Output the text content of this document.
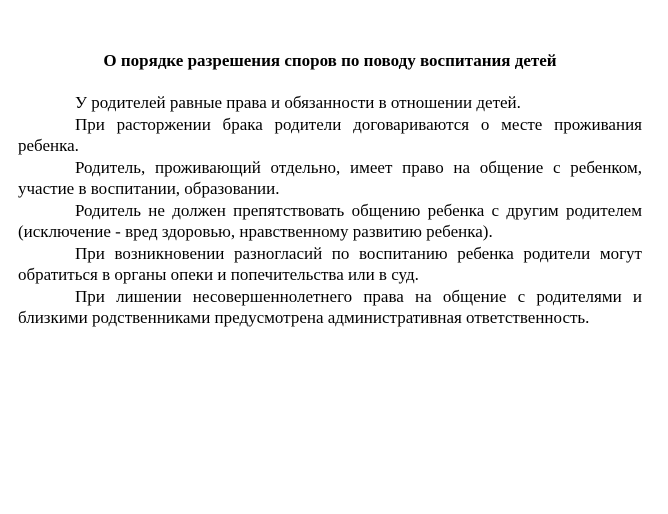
О порядке разрешения споров по поводу воспитания детей

У родителей равные права и обязанности в отношении детей.

При расторжении брака родители договариваются о месте проживания ребенка.

Родитель, проживающий отдельно, имеет право на общение с ребенком, участие в воспитании, образовании.

Родитель не должен препятствовать общению ребенка с другим родителем (исключение - вред здоровью, нравственному развитию ребенка).

При возникновении разногласий по воспитанию ребенка родители могут обратиться в органы опеки и попечительства или в суд.

При лишении несовершеннолетнего права на общение с родителями и близкими родственниками предусмотрена административная ответственность.
